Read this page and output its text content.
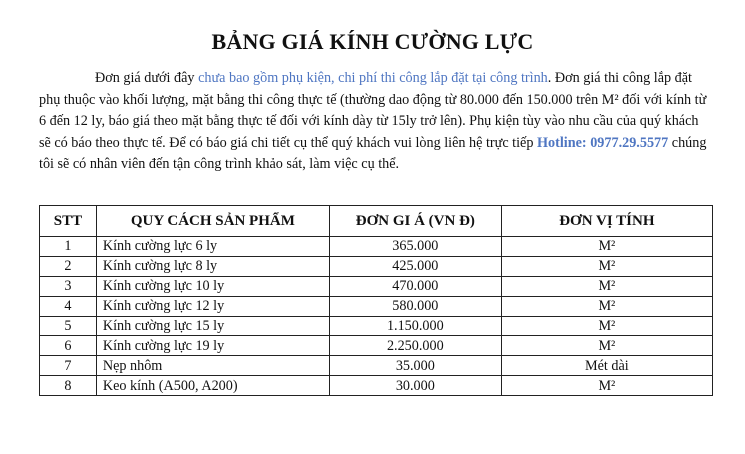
BẢNG GIÁ KÍNH CƯỜNG LỰC
Đơn giá dưới đây chưa bao gồm phụ kiện, chi phí thi công lắp đặt tại công trình. Đơn giá thi công lắp đặt phụ thuộc vào khối lượng, mặt bằng thi công thực tế (thường dao động từ 80.000 đến 150.000 trên M² đối với kính từ 6 đến 12 ly, báo giá theo mặt bằng thực tế đối với kính dày từ 15ly trở lên). Phụ kiện tùy vào nhu cầu của quý khách sẽ có báo theo thực tế. Để có báo giá chi tiết cụ thể quý khách vui lòng liên hệ trực tiếp Hotline: 0977.29.5577 chúng tôi sẽ có nhân viên đến tận công trình khảo sát, làm việc cụ thể.
STT	QUY CÁCH SẢN PHẨM	ĐƠN GI Á (VN Đ)	ĐƠN VỊ TÍNH
1	Kính cường lực 6 ly	365.000	M²
2	Kính cường lực 8 ly	425.000	M²
3	Kính cường lực 10 ly	470.000	M²
4	Kính cường lực 12 ly	580.000	M²
5	Kính cường lực 15 ly	1.150.000	M²
6	Kính cường lực 19 ly	2.250.000	M²
7	Nẹp nhôm	35.000	Mét dài
8	Keo kính (A500, A200)	30.000	M²
